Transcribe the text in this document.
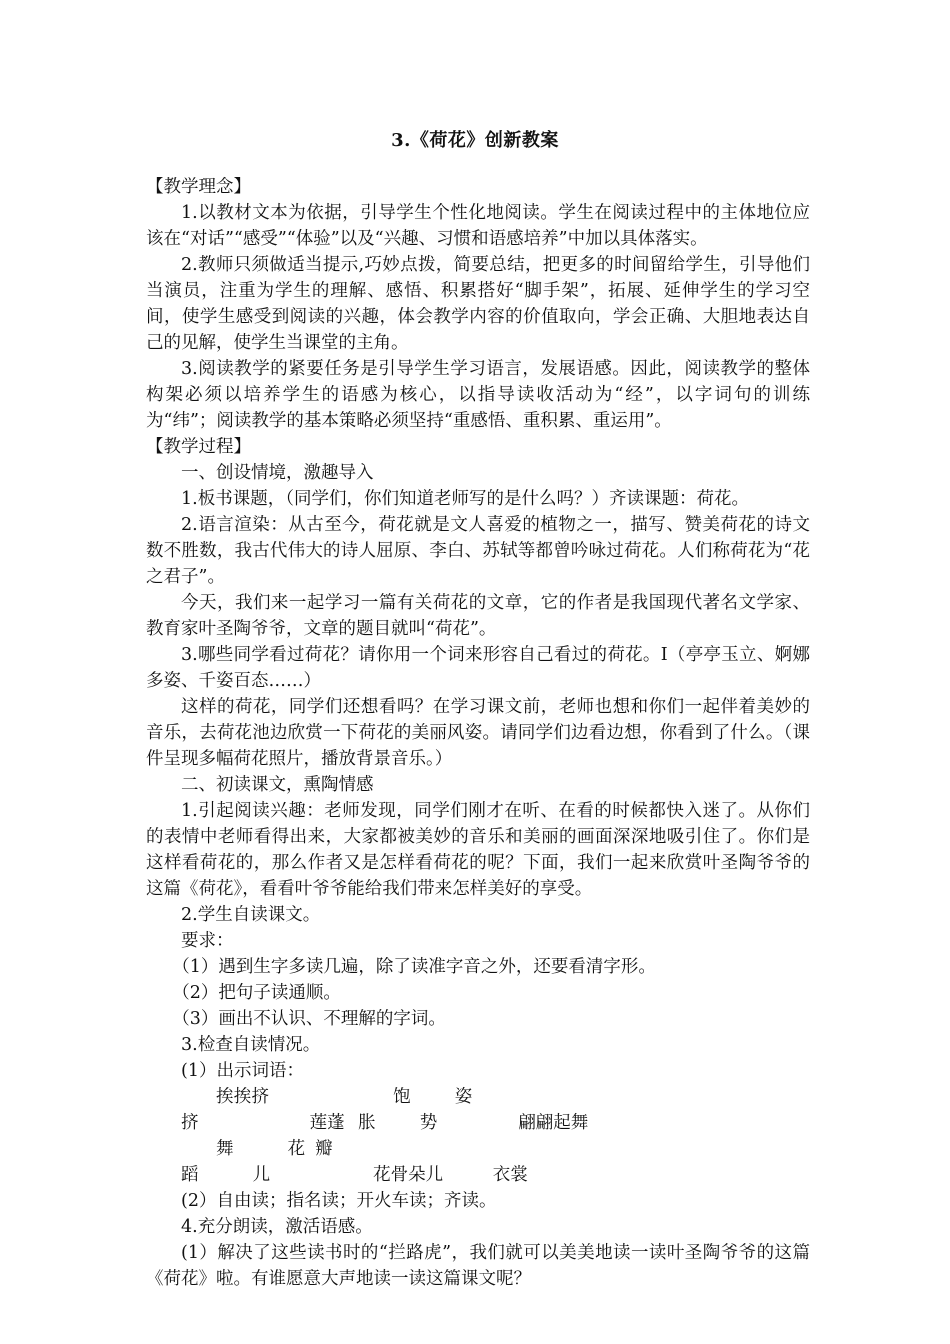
3.《荷花》创新教案

【教学理念】

1.以教材文本为依据，引导学生个性化地阅读。学生在阅读过程中的主体地位应该在“对话”“感受”“体验”以及“兴趣、习惯和语感培养”中加以具体落实。

2.教师只须做适当提示,巧妙点拨，简要总结，把更多的时间留给学生，引导他们当演员，注重为学生的理解、感悟、积累搭好“脚手架”，拓展、延伸学生的学习空间，使学生感受到阅读的兴趣，体会教学内容的价值取向，学会正确、大胆地表达自己的见解，使学生当课堂的主角。

3.阅读教学的紧要任务是引导学生学习语言，发展语感。因此，阅读教学的整体构架必须以培养学生的语感为核心，以指导读收活动为“经”，以字词句的训练为“纬”；阅读教学的基本策略必须坚持“重感悟、重积累、重运用”。

【教学过程】

一、创设情境，激趣导入

1.板书课题，（同学们，你们知道老师写的是什么吗？）齐读课题：荷花。

2.语言渲染：从古至今，荷花就是文人喜爱的植物之一，描写、赞美荷花的诗文数不胜数，我古代伟大的诗人屈原、李白、苏轼等都曾吟咏过荷花。人们称荷花为“花之君子”。

今天，我们来一起学习一篇有关荷花的文章，它的作者是我国现代著名文学家、教育家叶圣陶爷爷，文章的题目就叫“荷花”。

3.哪些同学看过荷花？请你用一个词来形容自己看过的荷花。I（亭亭玉立、婀娜多姿、千姿百态……）

这样的荷花，同学们还想看吗？在学习课文前，老师也想和你们一起伴着美妙的音乐，去荷花池边欣赏一下荷花的美丽风姿。请同学们边看边想，你看到了什么。（课件呈现多幅荷花照片，播放背景音乐。）

二、初读课文，熏陶情感

1.引起阅读兴趣：老师发现，同学们刚才在听、在看的时候都快入迷了。从你们的表情中老师看得出来，大家都被美妙的音乐和美丽的画面深深地吸引住了。你们是这样看荷花的，那么作者又是怎样看荷花的呢？下面，我们一起来欣赏叶圣陶爷爷的这篇《荷花》，看看叶爷爷能给我们带来怎样美好的享受。

2.学生自读课文。

要求：

（1）遇到生字多读几遍，除了读准字音之外，还要看清字形。

（2）把句子读通顺。

（3）画出不认识、不理解的字词。

3.检查自读情况。

(1）出示词语：

挨挨挤挤	莲蓬 饱胀 姿势	翩翩起舞

舞蹈 花瓣儿	花骨朵儿	衣裳

(2）自由读；指名读；开火车读；齐读。

4.充分朗读，激活语感。

(1）解决了这些读书时的“拦路虎”，我们就可以美美地读一读叶圣陶爷爷的这篇《荷花》啦。有谁愿意大声地读一读这篇课文呢？
